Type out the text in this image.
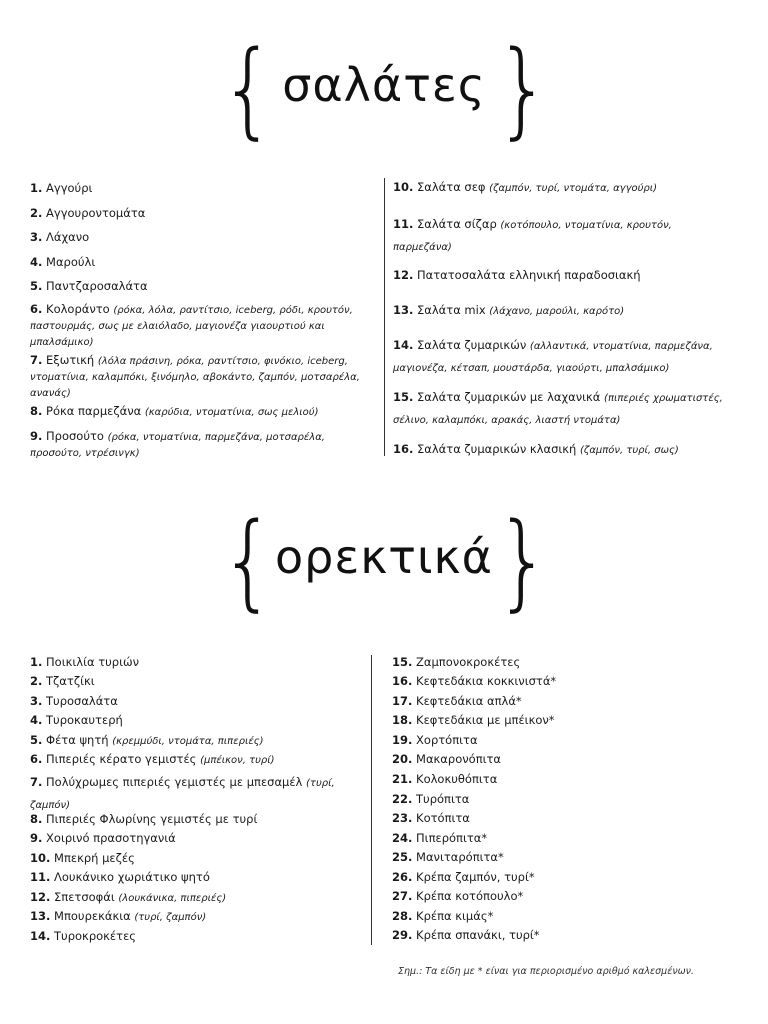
{ σαλάτες }
1. Αγγούρι
2. Αγγουροντομάτα
3. Λάχανο
4. Μαρούλι
5. Παντζαροσαλάτα
6. Κολοράντο (ρόκα, λόλα, ραντίτσιο, iceberg, ρόδι, κρουτόν, παστουρμάς, σως με ελαιόλαδο, μαγιονέζα γιαουρτιού και μπαλσάμικο)
7. Εξωτική (λόλα πράσινη, ρόκα, ραντίτσιο, φινόκιο, iceberg, ντοματίνια, καλαμπόκι, ξινόμηλο, αβοκάντο, ζαμπόν, μοτσαρέλα, ανανάς)
8. Ρόκα παρμεζάνα (καρύδια, ντοματίνια, σως μελιού)
9. Προσούτο (ρόκα, ντοματίνια, παρμεζάνα, μοτσαρέλα, προσούτο, ντρέσινγκ)
10. Σαλάτα σεφ (ζαμπόν, τυρί, ντομάτα, αγγούρι)
11. Σαλάτα σίζαρ (κοτόπουλο, ντοματίνια, κρουτόν, παρμεζάνα)
12. Πατατοσαλάτα ελληνική παραδοσιακή
13. Σαλάτα mix (λάχανο, μαρούλι, καρότο)
14. Σαλάτα ζυμαρικών (αλλαντικά, ντοματίνια, παρμεζάνα, μαγιονέζα, κέτσαπ, μουστάρδα, γιαούρτι, μπαλσάμικο)
15. Σαλάτα ζυμαρικών με λαχανικά (πιπεριές χρωματιστές, σέλινο, καλαμπόκι, αρακάς, λιαστή ντομάτα)
16. Σαλάτα ζυμαρικών κλασική (ζαμπόν, τυρί, σως)
{
ορεκτικά }
1. Ποικιλία τυριών
2. Τζατζίκι
3. Τυροσαλάτα
4. Τυροκαυτερή
5. Φέτα ψητή (κρεμμύδι, ντομάτα, πιπεριές)
6. Πιπεριές κέρατο γεμιστές (μπέικον, τυρί)
7. Πολύχρωμες πιπεριές γεμιστές με μπεσαμέλ (τυρί, ζαμπόν)
8. Πιπεριές Φλωρίνης γεμιστές με τυρί
9. Χοιρινό πρασοτηγανιά
10. Μπεκρή μεζές
11. Λουκάνικο χωριάτικο ψητό
12. Σπετσοφάι (λουκάνικα, πιπεριές)
13. Μπουρεκάκια (τυρί, ζαμπόν)
14. Τυροκροκέτες
15. Ζαμπονοκροκέτες
16. Κεφτεδάκια κοκκινιστά*
17. Κεφτεδάκια απλά*
18. Κεφτεδάκια με μπέικον*
19. Χορτόπιτα
20. Μακαρονόπιτα
21. Κολοκυθόπιτα
22. Τυρόπιτα
23. Κοτόπιτα
24. Πιπερόπιτα*
25. Μανιταρόπιτα*
26. Κρέπα ζαμπόν, τυρί*
27. Κρέπα κοτόπουλο*
28. Κρέπα κιμάς*
29. Κρέπα σπανάκι, τυρί*
Σημ.: Τα είδη με * είναι για περιορισμένο αριθμό καλεσμένων.
